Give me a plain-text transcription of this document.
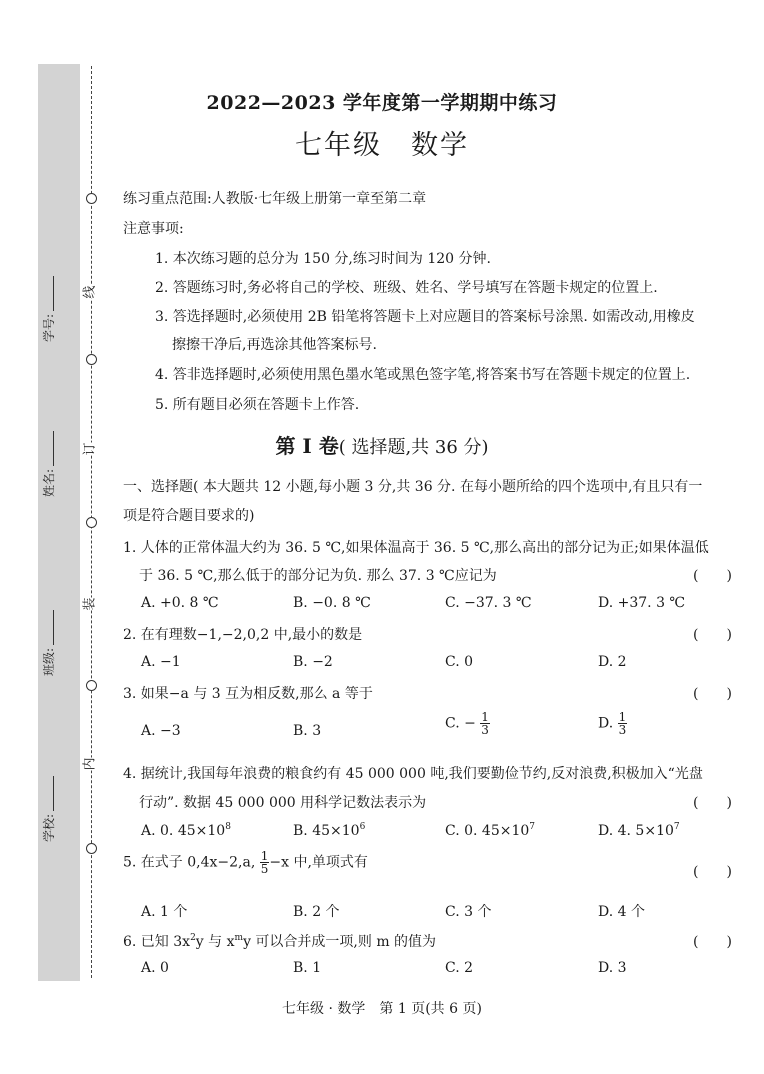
线
订
装
内
学号:
姓名:
班级:
学校:
2022—2023 学年度第一学期期中练习
七年级　数学
练习重点范围:人教版·七年级上册第一章至第二章
注意事项:
1. 本次练习题的总分为 150 分,练习时间为 120 分钟.
2. 答题练习时,务必将自己的学校、班级、姓名、学号填写在答题卡规定的位置上.
3. 答选择题时,必须使用 2B 铅笔将答题卡上对应题目的答案标号涂黑. 如需改动,用橡皮
擦擦干净后,再选涂其他答案标号.
4. 答非选择题时,必须使用黑色墨水笔或黑色签字笔,将答案书写在答题卡规定的位置上.
5. 所有题目必须在答题卡上作答.
第 Ⅰ 卷( 选择题,共 36 分)
一、选择题( 本大题共 12 小题,每小题 3 分,共 36 分. 在每小题所给的四个选项中,有且只有一
项是符合题目要求的)
1. 人体的正常体温大约为 36. 5 ℃,如果体温高于 36. 5 ℃,那么高出的部分记为正;如果体温低
于 36. 5 ℃,那么低于的部分记为负. 那么 37. 3 ℃应记为	(　　)
A. +0. 8 ℃	B. −0. 8 ℃	C. −37. 3 ℃	D. +37. 3 ℃
2. 在有理数−1,−2,0,2 中,最小的数是	(　　)
A. −1	B. −2	C. 0	D. 2
3. 如果−a 与 3 互为相反数,那么 a 等于	(　　)
A. −3	B. 3	C. − $\frac{1}{3}$	D. $\frac{1}{3}$
4. 据统计,我国每年浪费的粮食约有 45 000 000 吨,我们要勤俭节约,反对浪费,积极加入“光盘
行动”. 数据 45 000 000 用科学记数法表示为	(　　)
A. 0. $45\times 10^8$	B. $45\times 10^6$	C. 0. $45\times 10^7$	D. 4. $5\times 10^7$
5. 在式子 0,4x−2,a, $\frac{1}{5} -x$ 中,单项式有
(　　)
A. 1 个	B. 2 个	C. 3 个	D. 4 个
6. 已知 $3x^2y$ 与 $x^my$ 可以合并成一项,则 m 的值为	(　　)
A. 0	B. 1	C. 2	D. 3
七年级 · 数学　第 1 页(共 6 页)
